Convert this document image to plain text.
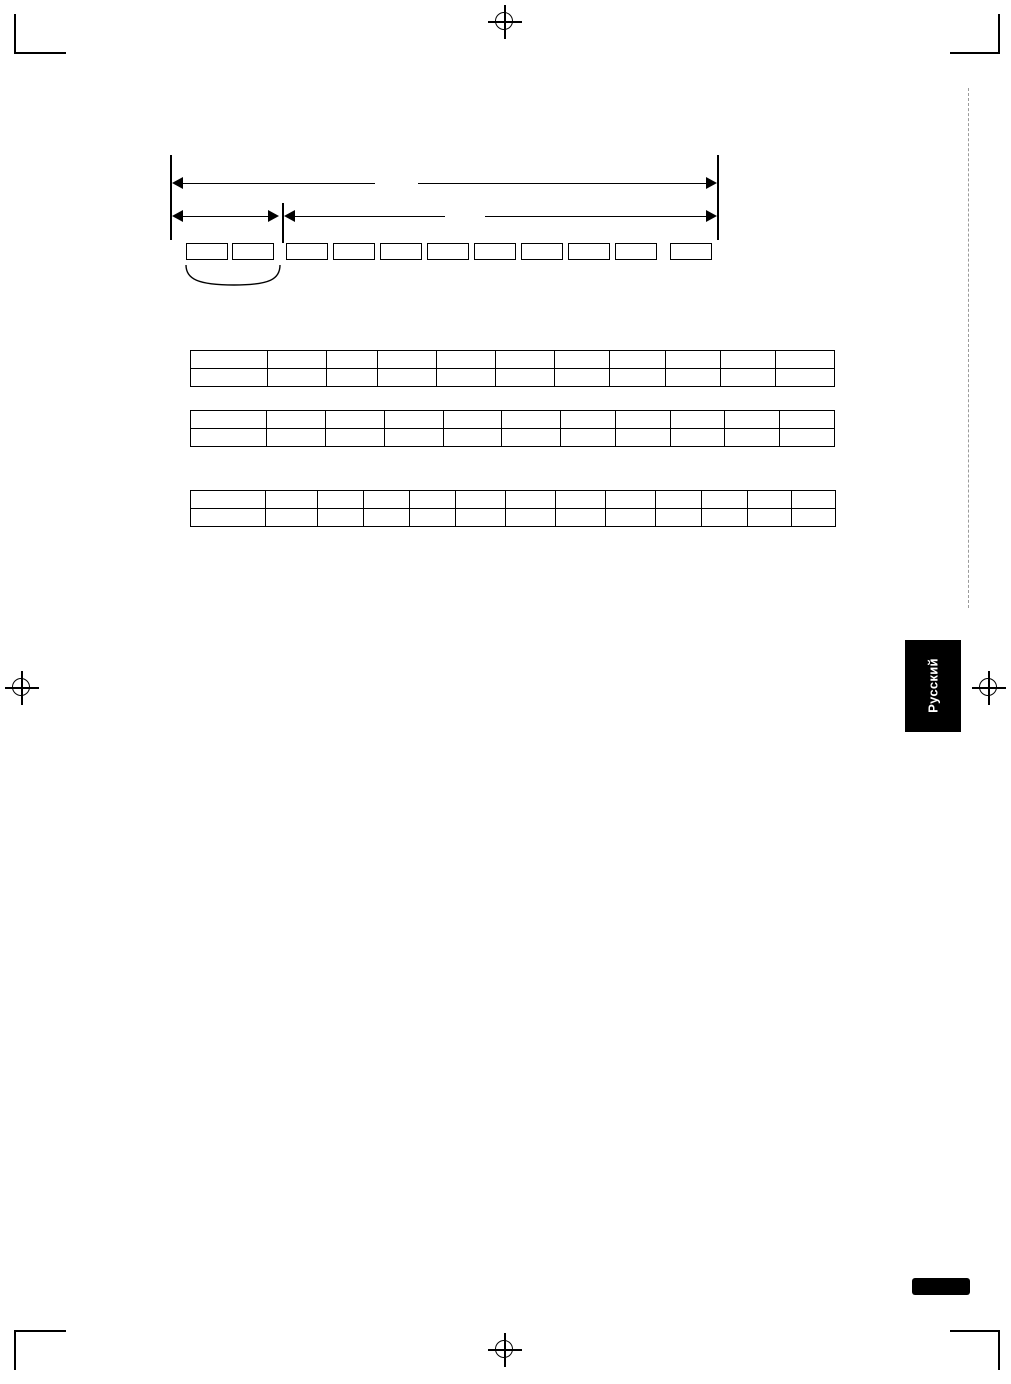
Русский
